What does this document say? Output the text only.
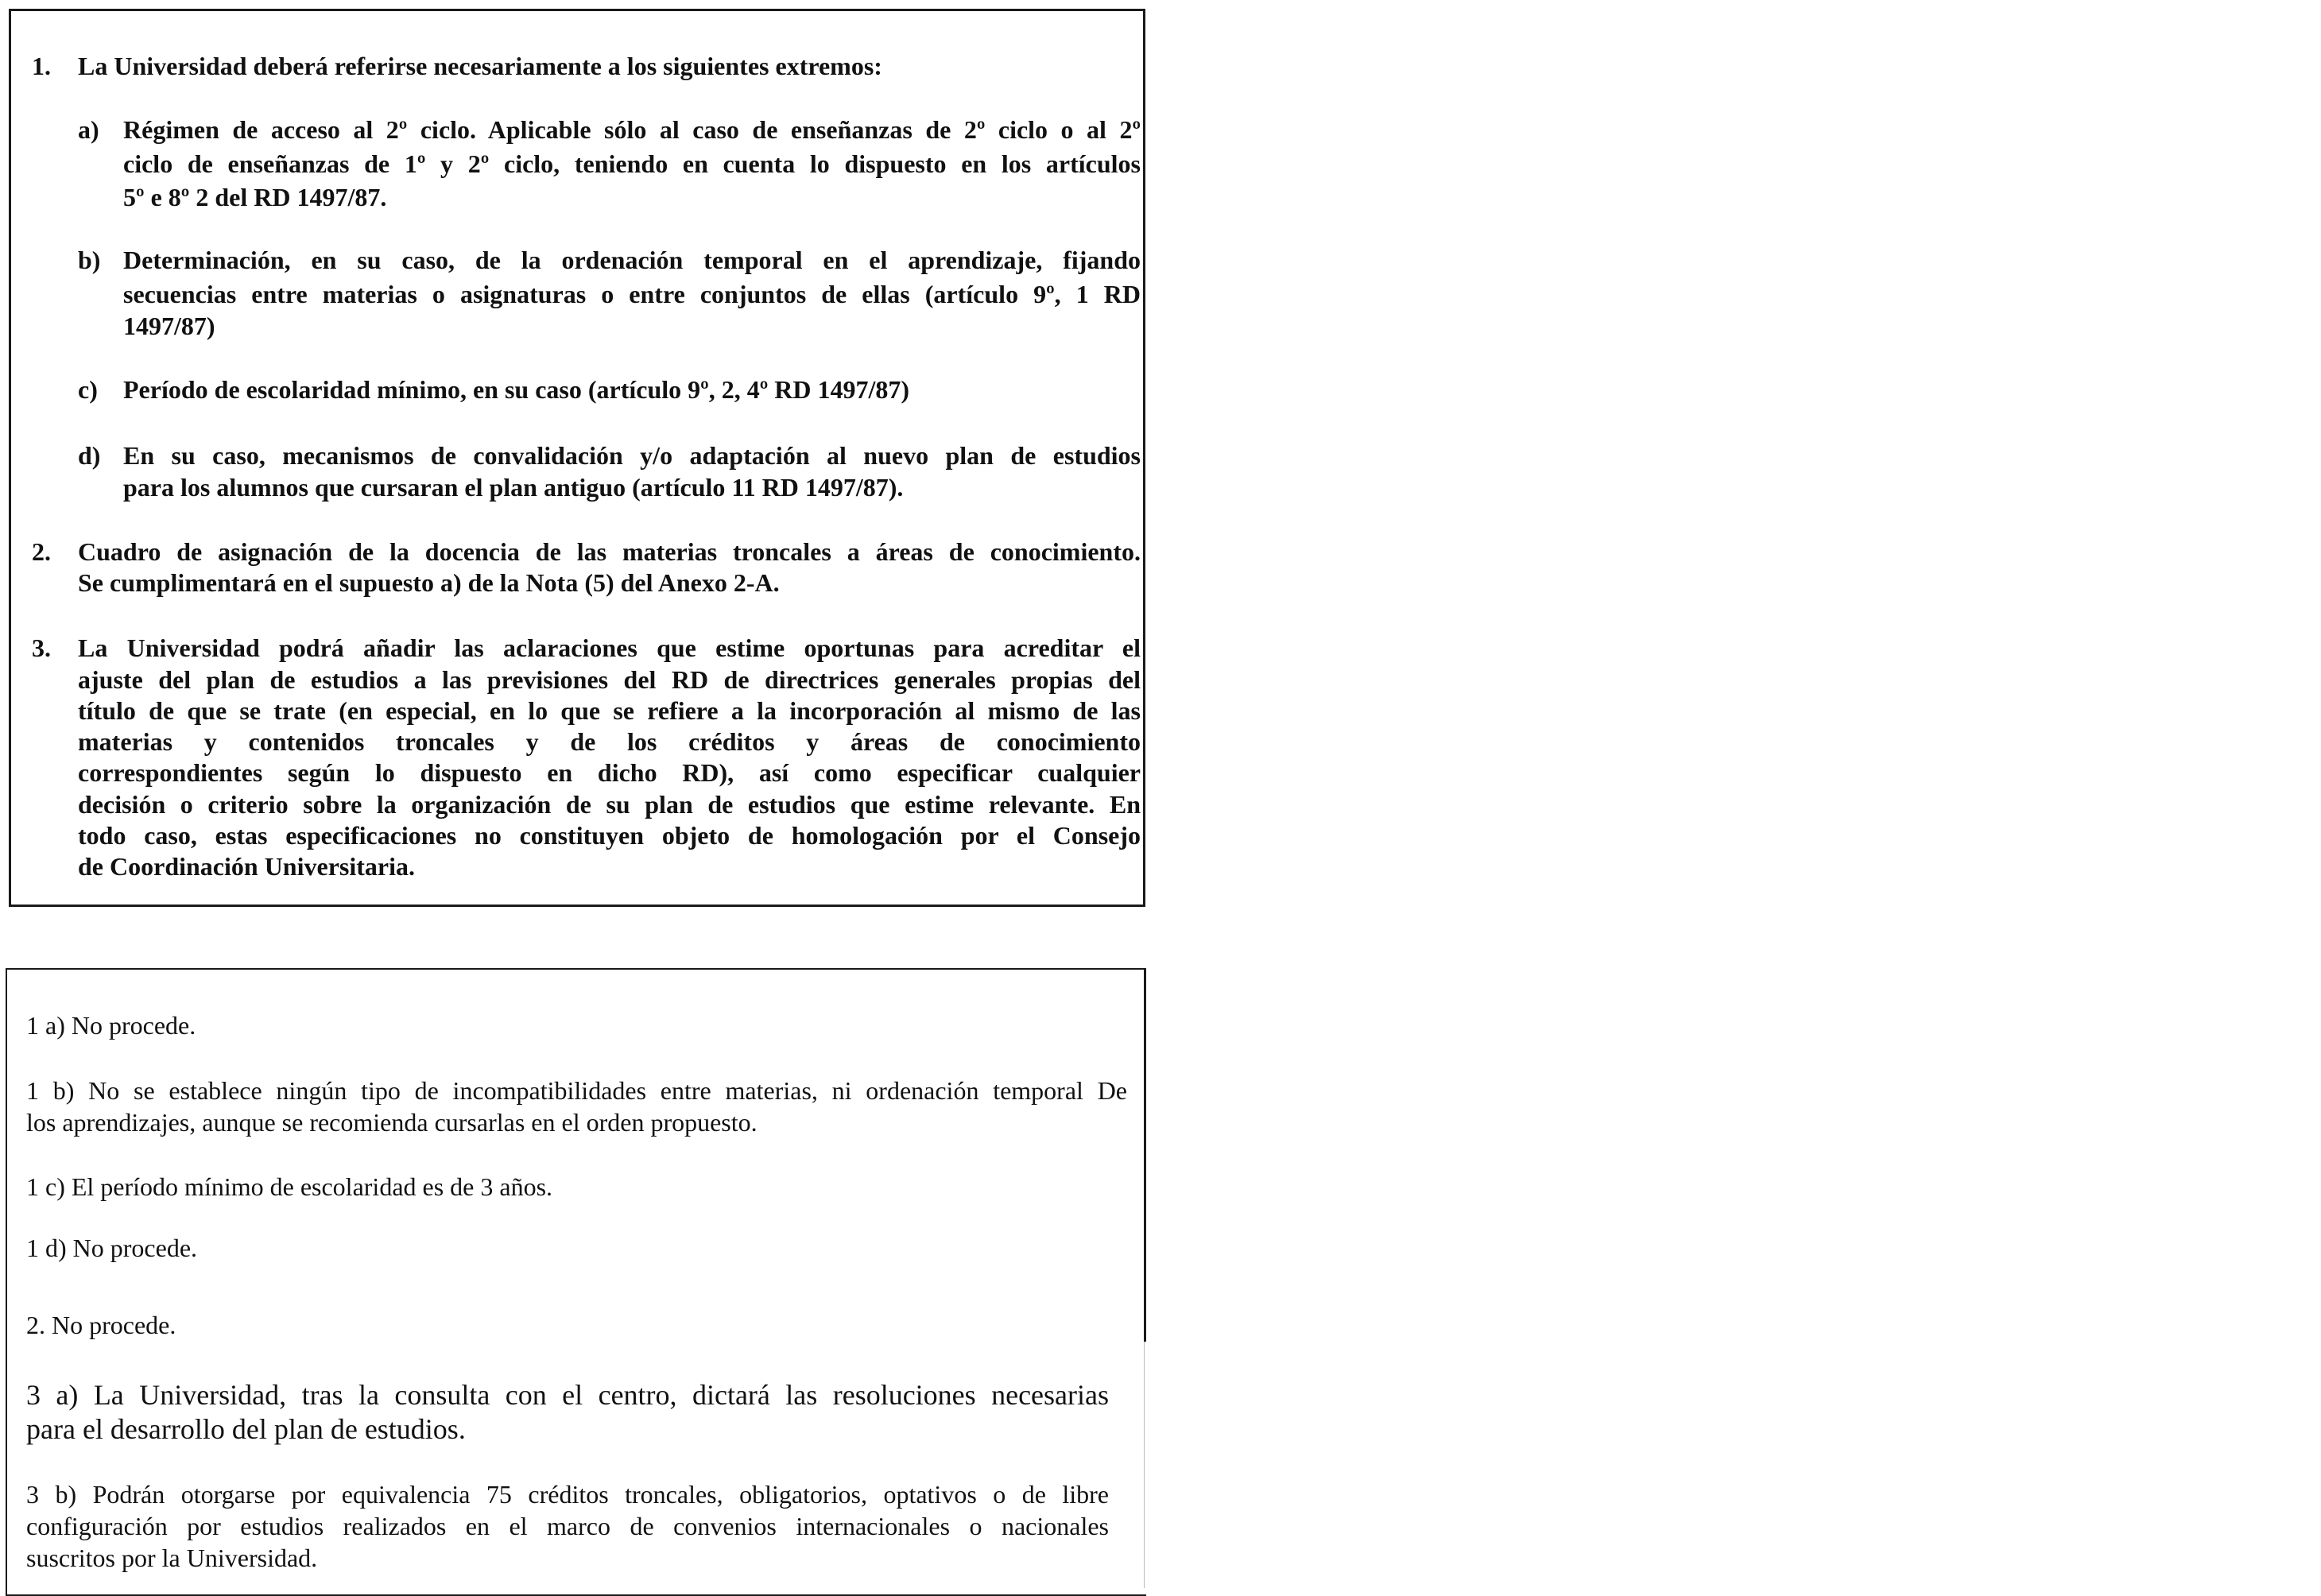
1. La Universidad deberá referirse necesariamente a los siguientes extremos:
a) Régimen de acceso al 2º ciclo. Aplicable sólo al caso de enseñanzas de 2º ciclo o al 2º
ciclo de enseñanzas de 1º y 2º ciclo, teniendo en cuenta lo dispuesto en los artículos
5º e 8º 2 del RD 1497/87.
b) Determinación, en su caso, de la ordenación temporal en el aprendizaje, fijando
secuencias entre materias o asignaturas o entre conjuntos de ellas (artículo 9º, 1 RD
1497/87)
c) Período de escolaridad mínimo, en su caso (artículo 9º, 2, 4º RD 1497/87)
d) En su caso, mecanismos de convalidación y/o adaptación al nuevo plan de estudios
para los alumnos que cursaran el plan antiguo (artículo 11 RD 1497/87).
2. Cuadro de asignación de la docencia de las materias troncales a áreas de conocimiento.
Se cumplimentará en el supuesto a) de la Nota (5) del Anexo 2-A.
3. La Universidad podrá añadir las aclaraciones que estime oportunas para acreditar el
ajuste del plan de estudios a las previsiones del RD de directrices generales propias del
título de que se trate (en especial, en lo que se refiere a la incorporación al mismo de las
materias y contenidos troncales y de los créditos y áreas de conocimiento
correspondientes según lo dispuesto en dicho RD), así como especificar cualquier
decisión o criterio sobre la organización de su plan de estudios que estime relevante. En
todo caso, estas especificaciones no constituyen objeto de homologación por el Consejo
de Coordinación Universitaria.
1 a) No procede.
1 b) No se establece ningún tipo de incompatibilidades entre materias, ni ordenación temporal De
los aprendizajes, aunque se recomienda cursarlas en el orden propuesto.
1 c) El período mínimo de escolaridad es de 3 años.
1 d) No procede.
2. No procede.
3 a) La Universidad, tras la consulta con el centro, dictará las resoluciones necesarias
para el desarrollo del plan de estudios.
3 b) Podrán otorgarse por equivalencia 75 créditos troncales, obligatorios, optativos o de libre
configuración por estudios realizados en el marco de convenios internacionales o nacionales
suscritos por la Universidad.
